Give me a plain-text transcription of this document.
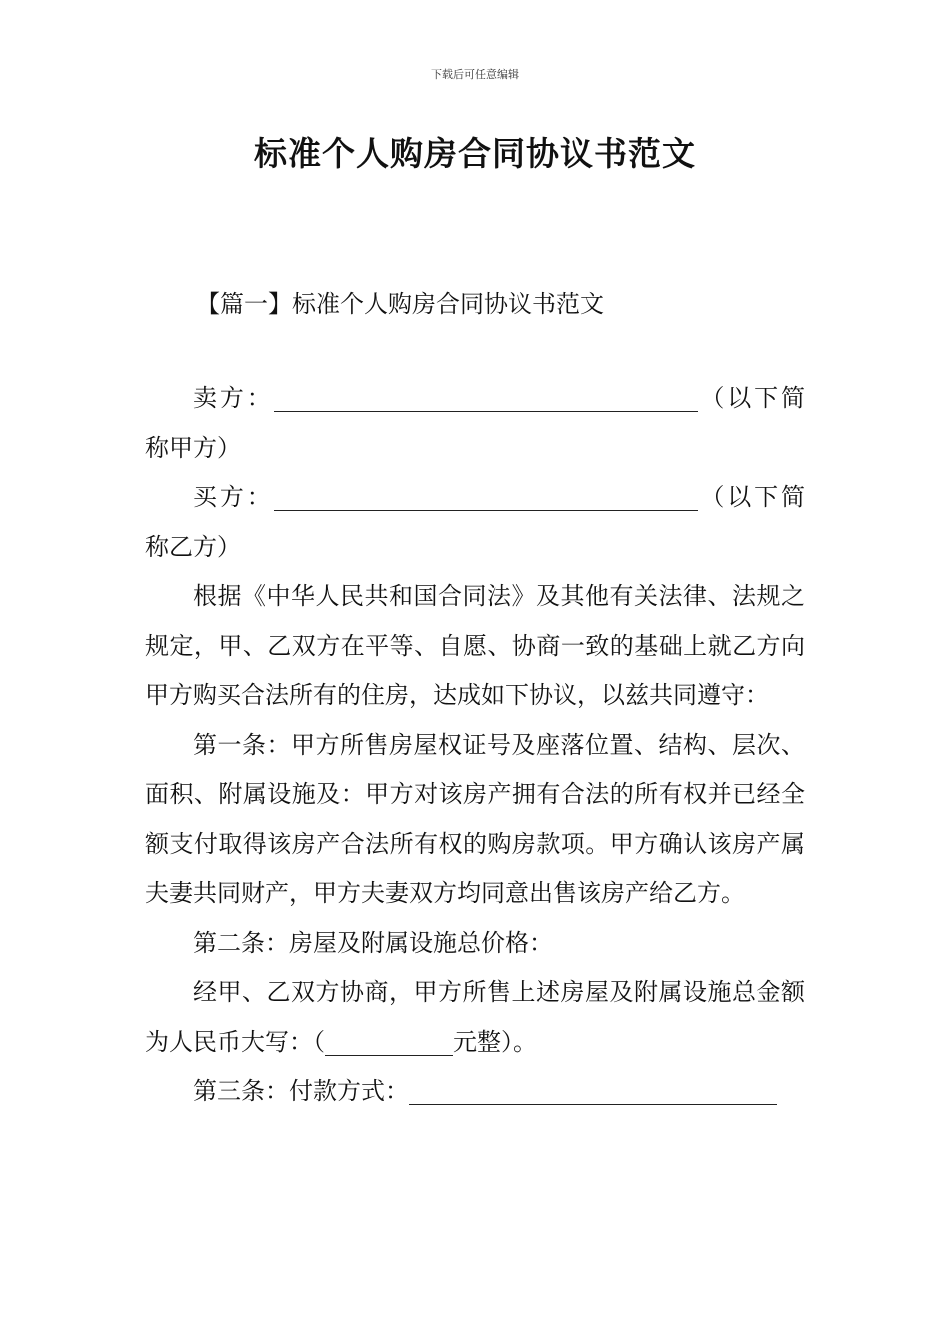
下载后可任意编辑
标准个人购房合同协议书范文
【篇一】标准个人购房合同协议书范文

卖方：	（以下简称甲方）

买方：	（以下简称乙方）

根据《中华人民共和国合同法》及其他有关法律、法规之规定，甲、乙双方在平等、自愿、协商一致的基础上就乙方向甲方购买合法所有的住房，达成如下协议，以兹共同遵守：

第一条：甲方所售房屋权证号及座落位置、结构、层次、面积、附属设施及：甲方对该房产拥有合法的所有权并已经全额支付取得该房产合法所有权的购房款项。甲方确认该房产属夫妻共同财产，甲方夫妻双方均同意出售该房产给乙方。

第二条：房屋及附属设施总价格：

经甲、乙双方协商，甲方所售上述房屋及附属设施总金额为人民币大写：（	元整）。

第三条：付款方式：
